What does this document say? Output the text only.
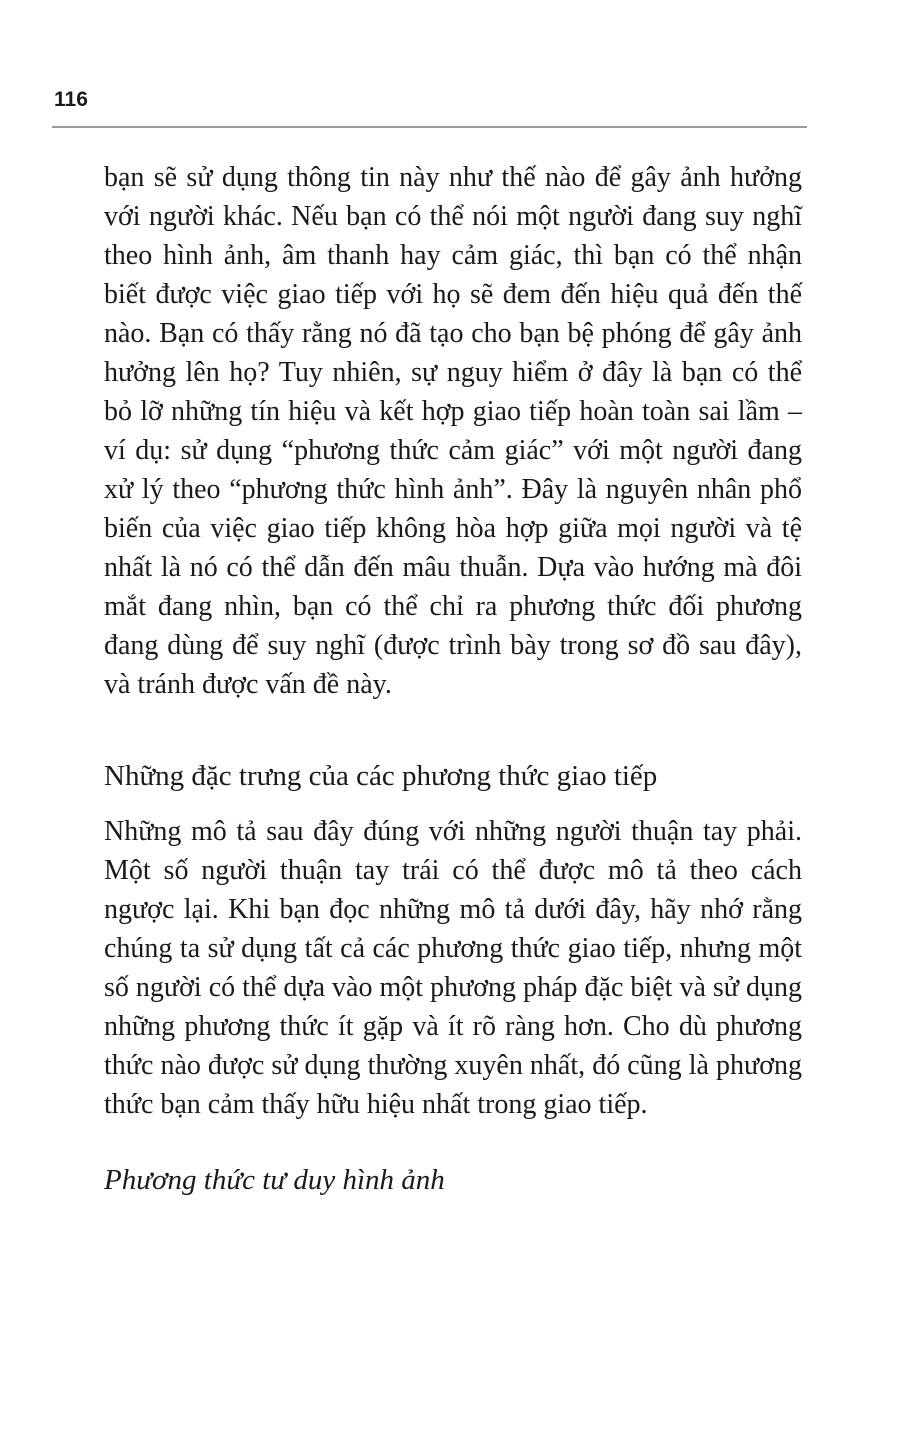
116

bạn sẽ sử dụng thông tin này như thế nào để gây ảnh hưởng với người khác. Nếu bạn có thể nói một người đang suy nghĩ theo hình ảnh, âm thanh hay cảm giác, thì bạn có thể nhận biết được việc giao tiếp với họ sẽ đem đến hiệu quả đến thế nào. Bạn có thấy rằng nó đã tạo cho bạn bệ phóng để gây ảnh hưởng lên họ? Tuy nhiên, sự nguy hiểm ở đây là bạn có thể bỏ lỡ những tín hiệu và kết hợp giao tiếp hoàn toàn sai lầm – ví dụ: sử dụng “phương thức cảm giác” với một người đang xử lý theo “phương thức hình ảnh”. Đây là nguyên nhân phổ biến của việc giao tiếp không hòa hợp giữa mọi người và tệ nhất là nó có thể dẫn đến mâu thuẫn. Dựa vào hướng mà đôi mắt đang nhìn, bạn có thể chỉ ra phương thức đối phương đang dùng để suy nghĩ (được trình bày trong sơ đồ sau đây), và tránh được vấn đề này.

Những đặc trưng của các phương thức giao tiếp

Những mô tả sau đây đúng với những người thuận tay phải. Một số người thuận tay trái có thể được mô tả theo cách ngược lại. Khi bạn đọc những mô tả dưới đây, hãy nhớ rằng chúng ta sử dụng tất cả các phương thức giao tiếp, nhưng một số người có thể dựa vào một phương pháp đặc biệt và sử dụng những phương thức ít gặp và ít rõ ràng hơn. Cho dù phương thức nào được sử dụng thường xuyên nhất, đó cũng là phương thức bạn cảm thấy hữu hiệu nhất trong giao tiếp.

Phương thức tư duy hình ảnh
